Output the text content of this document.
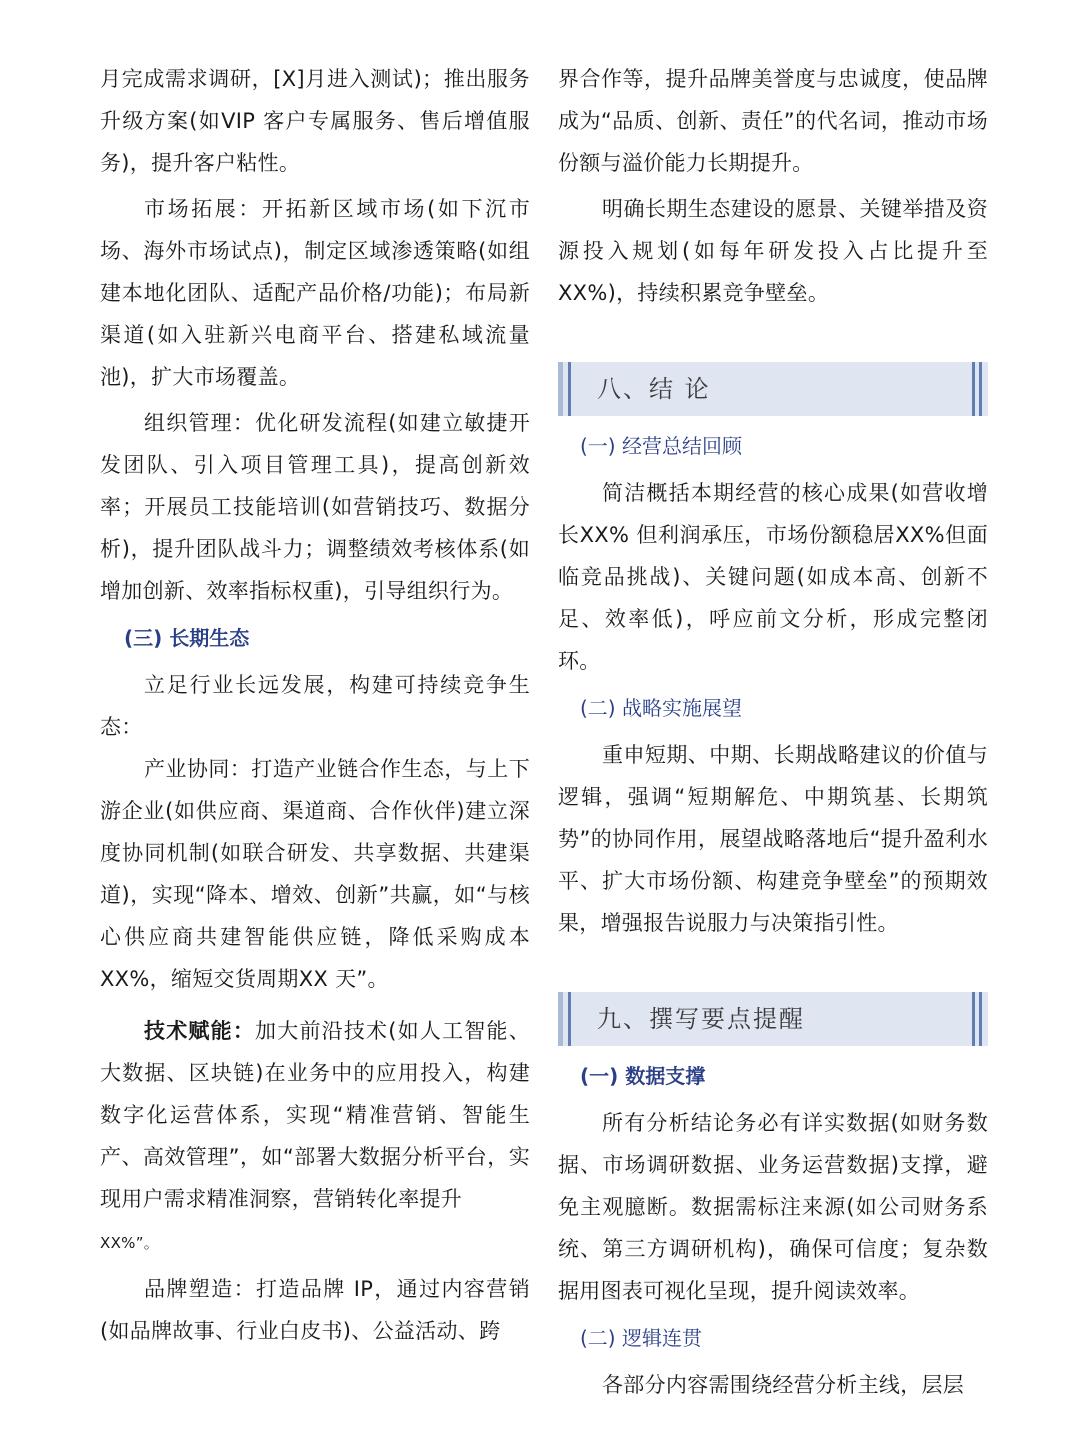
月完成需求调研，[X]月进入测试)；推出服务升级方案(如VIP 客户专属服务、售后增值服务)，提升客户粘性。

市场拓展：开拓新区域市场(如下沉市场、海外市场试点)，制定区域渗透策略(如组建本地化团队、适配产品价格/功能)；布局新渠道(如入驻新兴电商平台、搭建私域流量池)，扩大市场覆盖。

组织管理：优化研发流程(如建立敏捷开发团队、引入项目管理工具)，提高创新效率；开展员工技能培训(如营销技巧、数据分析)，提升团队战斗力；调整绩效考核体系(如增加创新、效率指标权重)，引导组织行为。

(三) 长期生态

立足行业长远发展，构建可持续竞争生态：

产业协同：打造产业链合作生态，与上下游企业(如供应商、渠道商、合作伙伴)建立深度协同机制(如联合研发、共享数据、共建渠道)，实现“降本、增效、创新”共赢，如“与核心供应商共建智能供应链，降低采购成本XX%，缩短交货周期XX 天”。

技术赋能：加大前沿技术(如人工智能、大数据、区块链)在业务中的应用投入，构建数字化运营体系，实现“精准营销、智能生产、高效管理”，如“部署大数据分析平台，实现用户需求精准洞察，营销转化率提升

XX%”。

品牌塑造：打造品牌 IP，通过内容营销(如品牌故事、行业白皮书)、公益活动、跨

界合作等，提升品牌美誉度与忠诚度，使品牌成为“品质、创新、责任”的代名词，推动市场份额与溢价能力长期提升。

明确长期生态建设的愿景、关键举措及资源投入规划(如每年研发投入占比提升至XX%)，持续积累竞争壁垒。

八、结 论
(一) 经营总结回顾

简洁概括本期经营的核心成果(如营收增长XX% 但利润承压，市场份额稳居XX%但面临竞品挑战)、关键问题(如成本高、创新不足、效率低)，呼应前文分析，形成完整闭环。

(二) 战略实施展望

重申短期、中期、长期战略建议的价值与逻辑，强调“短期解危、中期筑基、长期筑势”的协同作用，展望战略落地后“提升盈利水平、扩大市场份额、构建竞争壁垒”的预期效果，增强报告说服力与决策指引性。

九、撰写要点提醒
(一) 数据支撑

所有分析结论务必有详实数据(如财务数据、市场调研数据、业务运营数据)支撑，避免主观臆断。数据需标注来源(如公司财务系统、第三方调研机构)，确保可信度；复杂数据用图表可视化呈现，提升阅读效率。

(二) 逻辑连贯

各部分内容需围绕经营分析主线，层层
